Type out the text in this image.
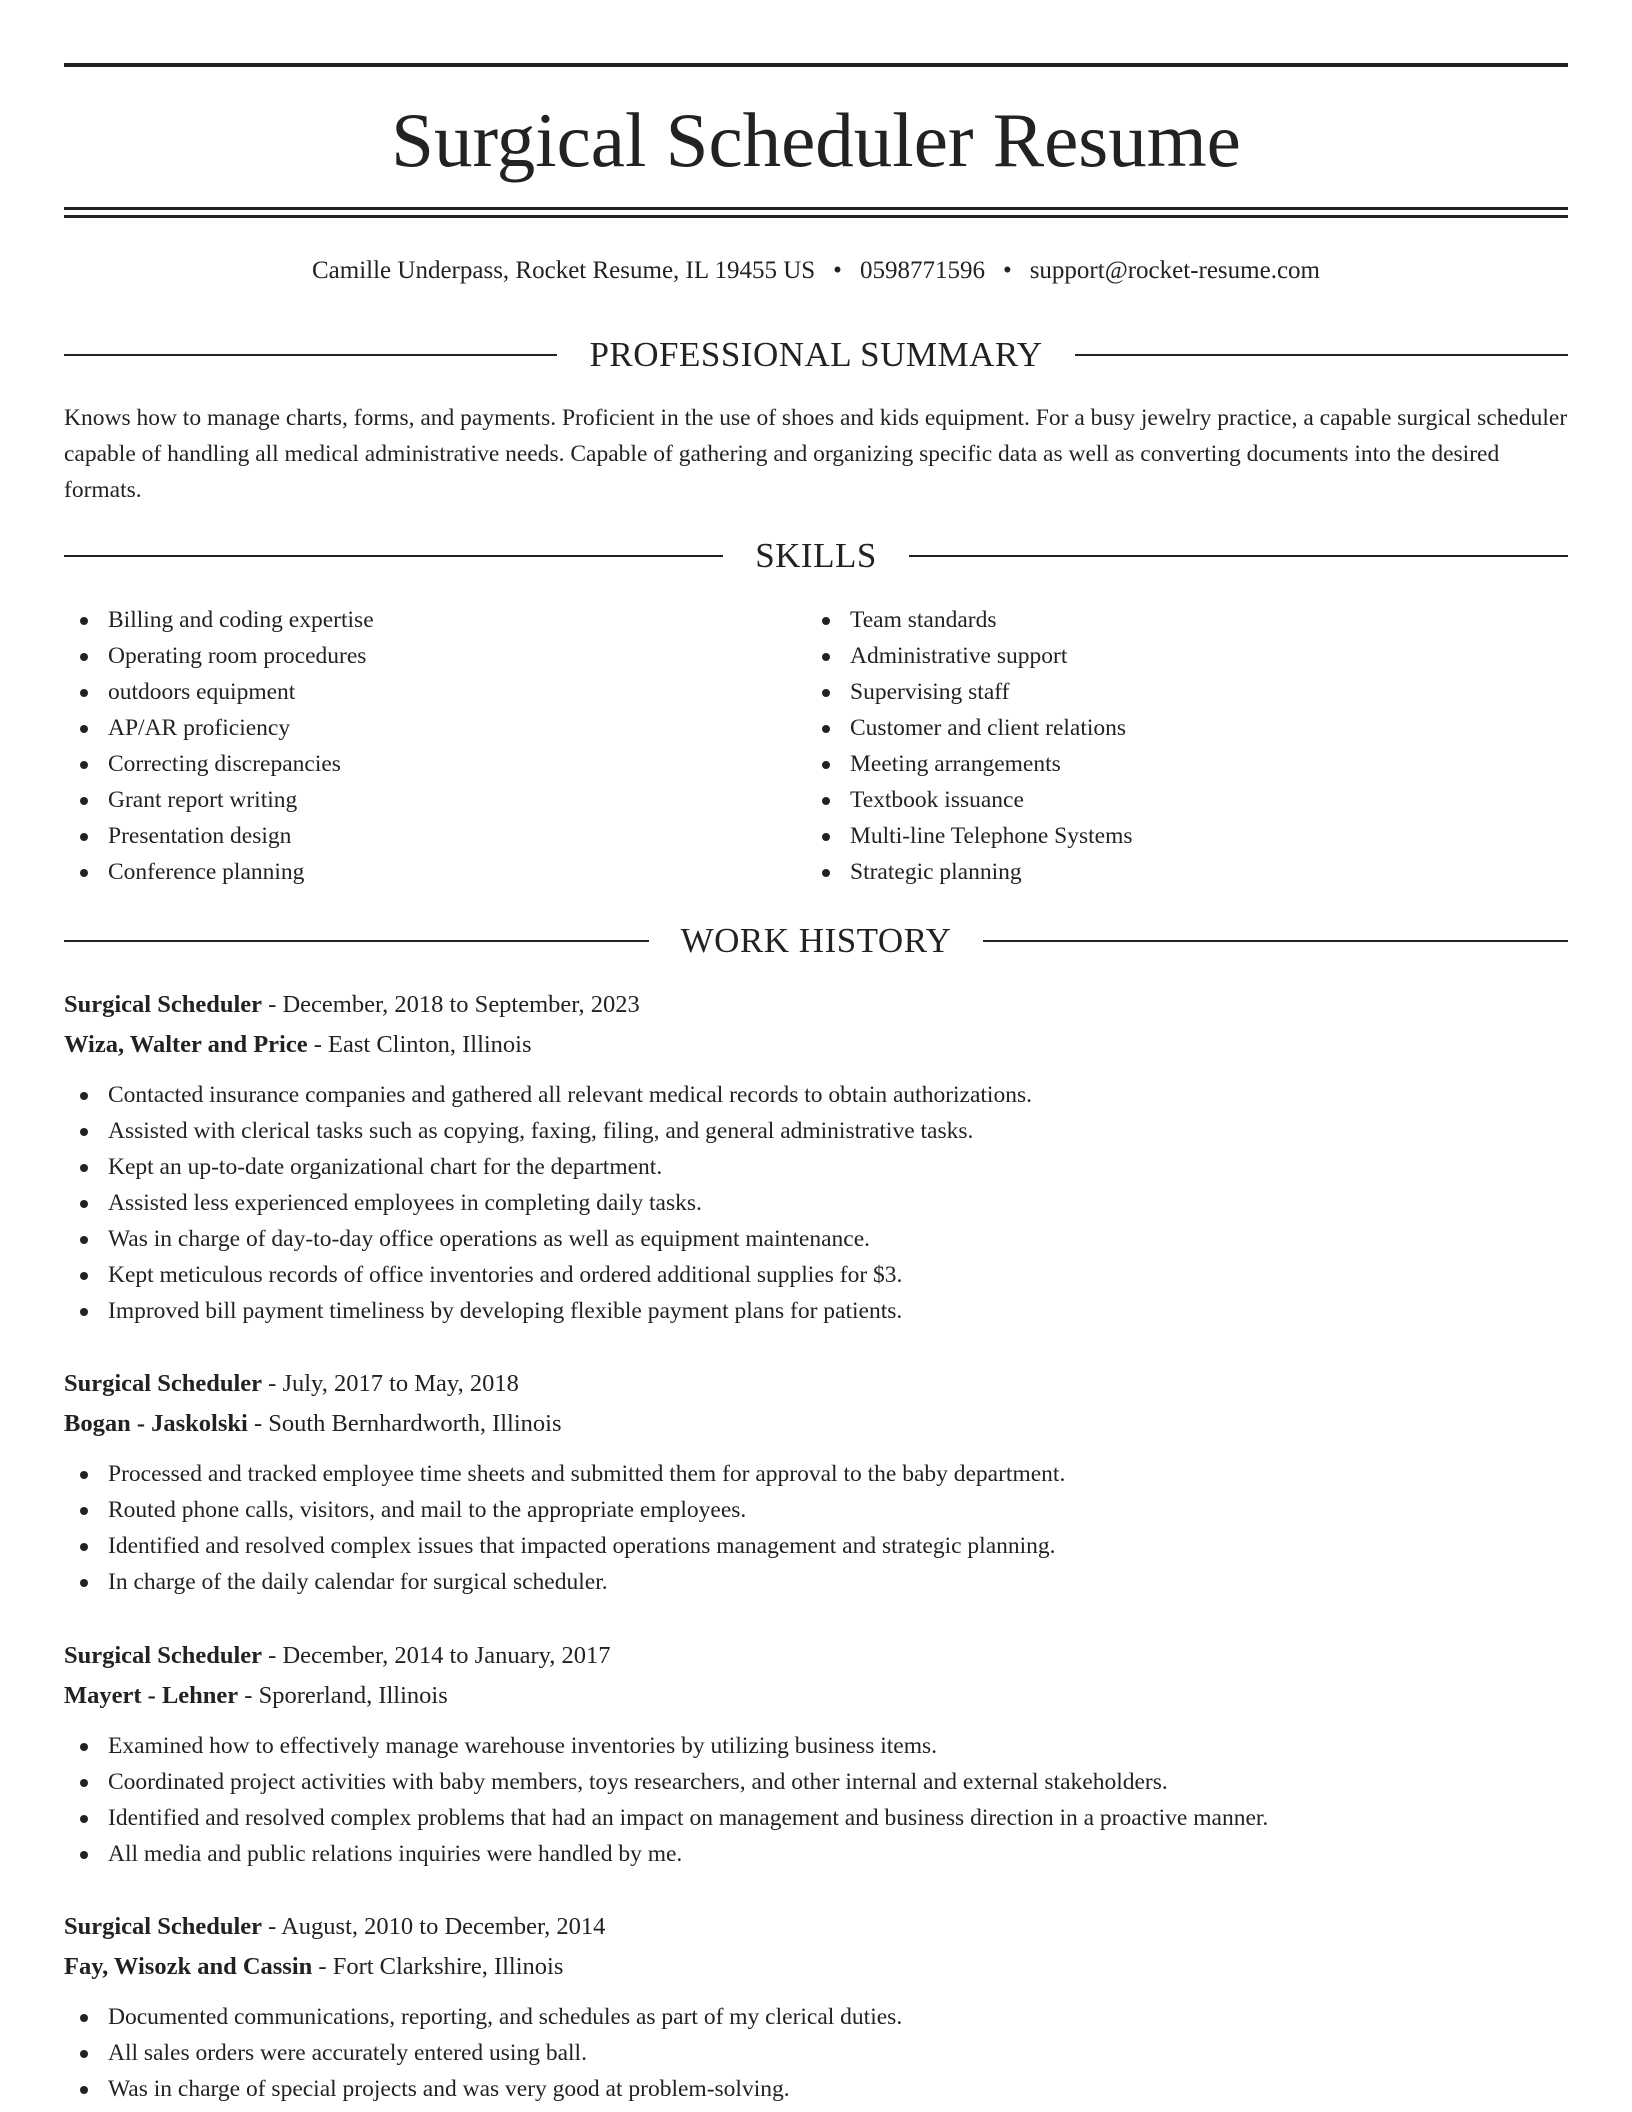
Surgical Scheduler Resume
Camille Underpass, Rocket Resume, IL 19455 US • 0598771596 • support@rocket-resume.com
PROFESSIONAL SUMMARY

Knows how to manage charts, forms, and payments. Proficient in the use of shoes and kids equipment. For a busy jewelry practice, a capable surgical scheduler capable of handling all medical administrative needs. Capable of gathering and organizing specific data as well as converting documents into the desired formats.

SKILLS
Billing and coding expertise
Operating room procedures
outdoors equipment
AP/AR proficiency
Correcting discrepancies
Grant report writing
Presentation design
Conference planning
Team standards
Administrative support
Supervising staff
Customer and client relations
Meeting arrangements
Textbook issuance
Multi-line Telephone Systems
Strategic planning
WORK HISTORY
Surgical Scheduler - December, 2018 to September, 2023
Wiza, Walter and Price - East Clinton, Illinois
Contacted insurance companies and gathered all relevant medical records to obtain authorizations.
Assisted with clerical tasks such as copying, faxing, filing, and general administrative tasks.
Kept an up-to-date organizational chart for the department.
Assisted less experienced employees in completing daily tasks.
Was in charge of day-to-day office operations as well as equipment maintenance.
Kept meticulous records of office inventories and ordered additional supplies for $3.
Improved bill payment timeliness by developing flexible payment plans for patients.
Surgical Scheduler - July, 2017 to May, 2018
Bogan - Jaskolski - South Bernhardworth, Illinois
Processed and tracked employee time sheets and submitted them for approval to the baby department.
Routed phone calls, visitors, and mail to the appropriate employees.
Identified and resolved complex issues that impacted operations management and strategic planning.
In charge of the daily calendar for surgical scheduler.
Surgical Scheduler - December, 2014 to January, 2017
Mayert - Lehner - Sporerland, Illinois
Examined how to effectively manage warehouse inventories by utilizing business items.
Coordinated project activities with baby members, toys researchers, and other internal and external stakeholders.
Identified and resolved complex problems that had an impact on management and business direction in a proactive manner.
All media and public relations inquiries were handled by me.
Surgical Scheduler - August, 2010 to December, 2014
Fay, Wisozk and Cassin - Fort Clarkshire, Illinois
Documented communications, reporting, and schedules as part of my clerical duties.
All sales orders were accurately entered using ball.
Was in charge of special projects and was very good at problem-solving.
